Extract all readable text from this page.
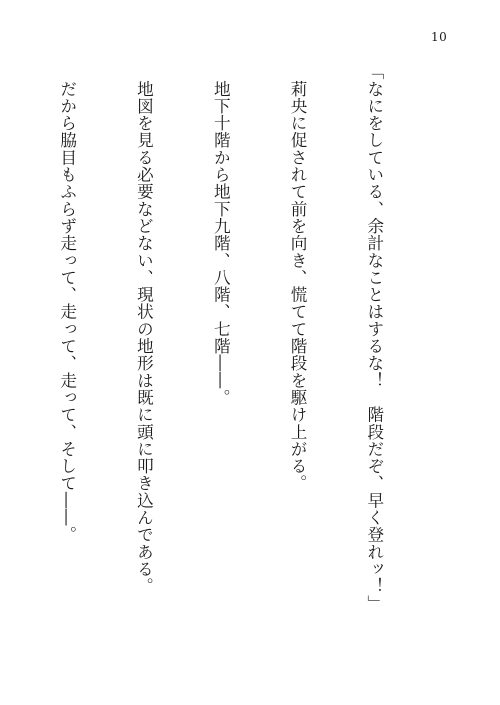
10

「なにをしている、余計なことはするな！　階段だぞ、早く登れッ！」

　莉央に促されて前を向き、慌てて階段を駆け上がる。

　地下十階から地下九階、八階、七階――。

　地図を見る必要などない、現状の地形は既に頭に叩き込んである。

　だから脇目もふらず走って、走って、走って、そして――。
